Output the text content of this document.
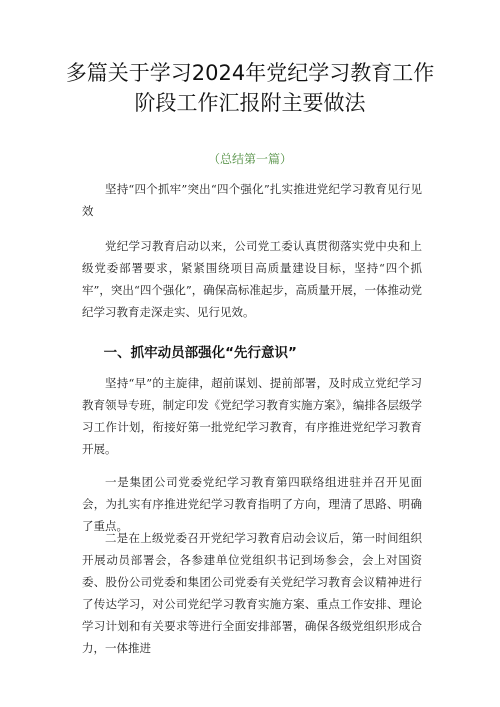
多篇关于学习2024年党纪学习教育工作阶段工作汇报附主要做法

（总结第一篇）

坚持“四个抓牢”突出“四个强化”扎实推进党纪学习教育见行见效

党纪学习教育启动以来，公司党工委认真贯彻落实党中央和上级党委部署要求，紧紧围绕项目高质量建设目标，坚持“四个抓牢”，突出“四个强化”，确保高标准起步，高质量开展，一体推动党纪学习教育走深走实、见行见效。

一、抓牢动员部强化“先行意识”

坚持“早”的主旋律，超前谋划、提前部署，及时成立党纪学习教育领导专班，制定印发《党纪学习教育实施方案》，编排各层级学习工作计划，衔接好第一批党纪学习教育，有序推进党纪学习教育开展。

一是集团公司党委党纪学习教育第四联络组进驻并召开见面会，为扎实有序推进党纪学习教育指明了方向，理清了思路、明确了重点。

二是在上级党委召开党纪学习教育启动会议后，第一时间组织开展动员部署会，各参建单位党组织书记到场参会，会上对国资委、股份公司党委和集团公司党委有关党纪学习教育会议精神进行了传达学习，对公司党纪学习教育实施方案、重点工作安排、理论学习计划和有关要求等进行全面安排部署，确保各级党组织形成合力，一体推进
